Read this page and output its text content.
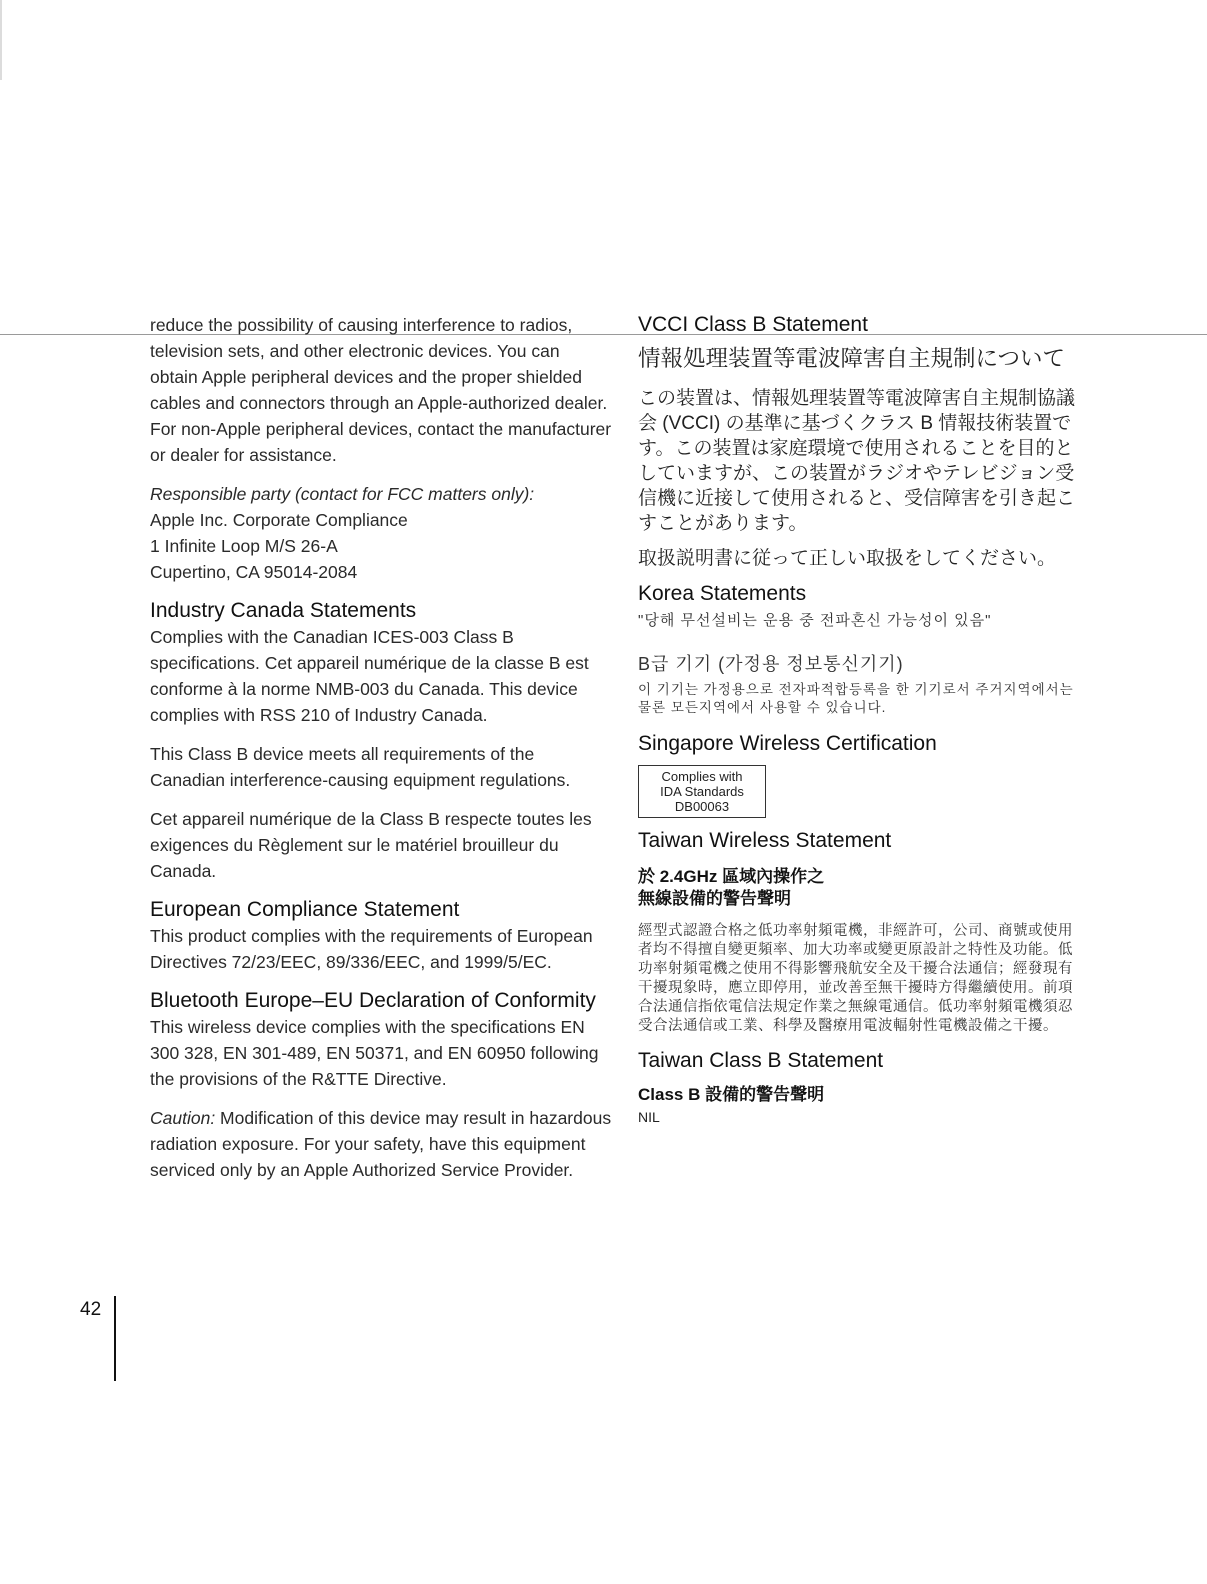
reduce the possibility of causing interference to radios, television sets, and other electronic devices. You can obtain Apple peripheral devices and the proper shielded cables and connectors through an Apple-authorized dealer. For non-Apple peripheral devices, contact the manufacturer or dealer for assistance.

Responsible party (contact for FCC matters only):

Apple Inc. Corporate Compliance

1 Infinite Loop M/S 26-A

Cupertino, CA 95014-2084

Industry Canada Statements

Complies with the Canadian ICES-003 Class B specifications. Cet appareil numérique de la classe B est conforme à la norme NMB-003 du Canada. This device complies with RSS 210 of Industry Canada.

This Class B device meets all requirements of the Canadian interference-causing equipment regulations.

Cet appareil numérique de la Class B respecte toutes les exigences du Règlement sur le matériel brouilleur du Canada.

European Compliance Statement

This product complies with the requirements of European Directives 72/23/EEC, 89/336/EEC, and 1999/5/EC.

Bluetooth Europe–EU Declaration of Conformity

This wireless device complies with the specifications EN 300 328, EN 301-489, EN 50371, and EN 60950 following the provisions of the R&TTE Directive.

Caution: Modification of this device may result in hazardous radiation exposure. For your safety, have this equipment serviced only by an Apple Authorized Service Provider.

VCCI Class B Statement

情報処理装置等電波障害自主規制について

この装置は、情報処理装置等電波障害自主規制協議会 (VCCI) の基準に基づくクラス B 情報技術装置です。この装置は家庭環境で使用されることを目的としていますが、この装置がラジオやテレビジョン受信機に近接して使用されると、受信障害を引き起こすことがあります。

取扱説明書に従って正しい取扱をしてください。

Korea Statements

"당해 무선설비는 운용 중 전파혼신 가능성이 있음"

B급 기기 (가정용 정보통신기기)

이 기기는 가정용으로 전자파적합등록을 한 기기로서 주거지역에서는 물론 모든지역에서 사용할 수 있습니다.

Singapore Wireless Certification
Complies with
IDA Standards
DB00063
Taiwan Wireless Statement

於 2.4GHz 區域內操作之
無線設備的警告聲明

經型式認證合格之低功率射頻電機，非經許可，公司、商號或使用者均不得擅自變更頻率、加大功率或變更原設計之特性及功能。低功率射頻電機之使用不得影響飛航安全及干擾合法通信；經發現有干擾現象時，應立即停用，並改善至無干擾時方得繼續使用。前項合法通信指依電信法規定作業之無線電通信。低功率射頻電機須忍受合法通信或工業、科學及醫療用電波輻射性電機設備之干擾。

Taiwan Class B Statement

Class B 設備的警告聲明

NIL

42
